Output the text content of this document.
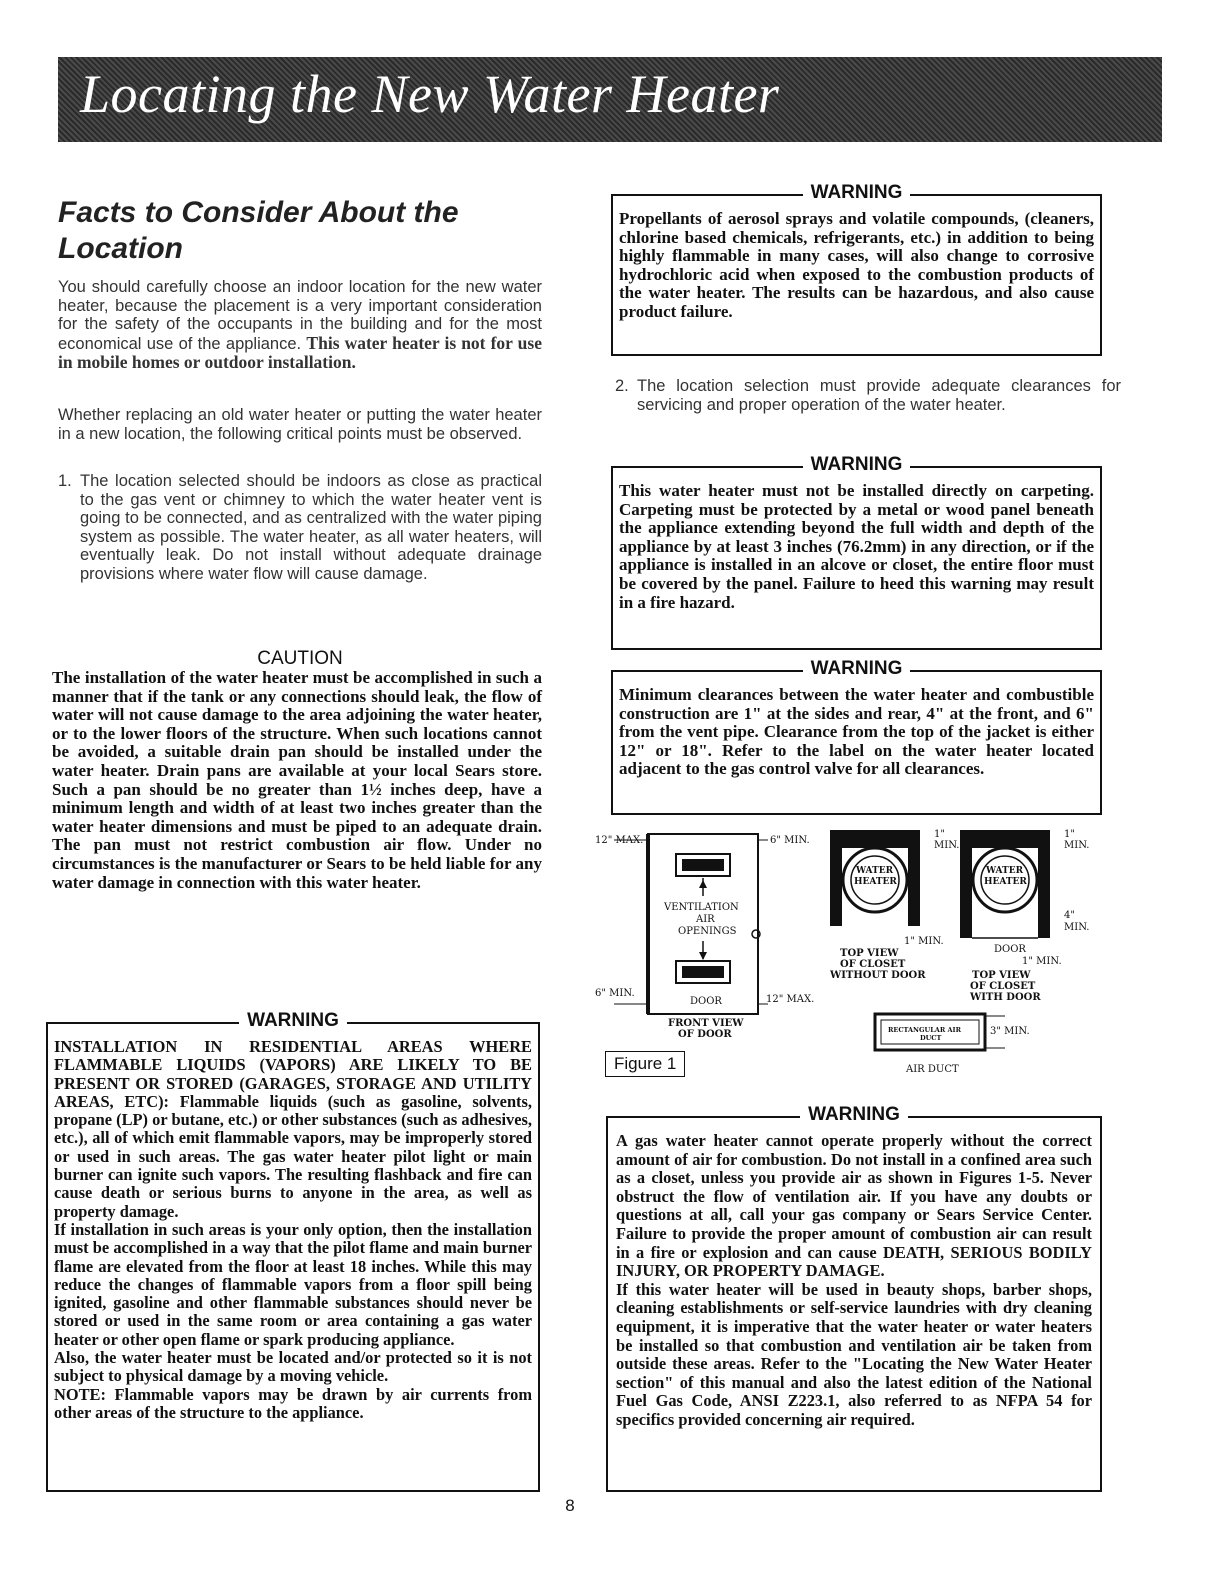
Locating the New Water Heater
Facts to Consider About the Location

You should carefully choose an indoor location for the new water heater, because the placement is a very important consideration for the safety of the occupants in the building and for the most economical use of the appliance. This water heater is not for use in mobile homes or outdoor installation.

Whether replacing an old water heater or putting the water heater in a new location, the following critical points must be observed.

1. The location selected should be indoors as close as practical to the gas vent or chimney to which the water heater vent is going to be connected, and as centralized with the water piping system as possible. The water heater, as all water heaters, will eventually leak. Do not install without adequate drainage provisions where water flow will cause damage.

CAUTION

The installation of the water heater must be accomplished in such a manner that if the tank or any connections should leak, the flow of water will not cause damage to the area adjoining the water heater, or to the lower floors of the structure. When such locations cannot be avoided, a suitable drain pan should be installed under the water heater. Drain pans are available at your local Sears store. Such a pan should be no greater than 1½ inches deep, have a minimum length and width of at least two inches greater than the water heater dimensions and must be piped to an adequate drain. The pan must not restrict combustion air flow. Under no circumstances is the manufacturer or Sears to be held liable for any water damage in connection with this water heater.

WARNING

INSTALLATION IN RESIDENTIAL AREAS WHERE FLAMMABLE LIQUIDS (VAPORS) ARE LIKELY TO BE PRESENT OR STORED (GARAGES, STORAGE AND UTILITY AREAS, ETC): Flammable liquids (such as gasoline, solvents, propane (LP) or butane, etc.) or other substances (such as adhesives, etc.), all of which emit flammable vapors, may be improperly stored or used in such areas. The gas water heater pilot light or main burner can ignite such vapors. The resulting flashback and fire can cause death or serious burns to anyone in the area, as well as property damage.

If installation in such areas is your only option, then the installation must be accomplished in a way that the pilot flame and main burner flame are elevated from the floor at least 18 inches. While this may reduce the changes of flammable vapors from a floor spill being ignited, gasoline and other flammable substances should never be stored or used in the same room or area containing a gas water heater or other open flame or spark producing appliance.

Also, the water heater must be located and/or protected so it is not subject to physical damage by a moving vehicle.

NOTE: Flammable vapors may be drawn by air currents from other areas of the structure to the appliance.

WARNING

Propellants of aerosol sprays and volatile compounds, (cleaners, chlorine based chemicals, refrigerants, etc.) in addition to being highly flammable in many cases, will also change to corrosive hydrochloric acid when exposed to the combustion products of the water heater. The results can be hazardous, and also cause product failure.

2. The location selection must provide adequate clearances for servicing and proper operation of the water heater.

WARNING

This water heater must not be installed directly on carpeting. Carpeting must be protected by a metal or wood panel beneath the appliance extending beyond the full width and depth of the appliance by at least 3 inches (76.2mm) in any direction, or if the appliance is installed in an alcove or closet, the entire floor must be covered by the panel. Failure to heed this warning may result in a fire hazard.

WARNING

Minimum clearances between the water heater and combustible construction are 1" at the sides and rear, 4" at the front, and 6" from the vent pipe. Clearance from the top of the jacket is either 12" or 18". Refer to the label on the water heater located adjacent to the gas control valve for all clearances.

12" MAX.	6" MIN.
VENTILATION
AIR
OPENINGS
DOOR
6" MIN.
12" MAX.
FRONT VIEW
OF DOOR
WATER
HEATER
1"
MIN.
1" MIN.
TOP VIEW
OF CLOSET
WITHOUT DOOR
WATER
HEATER
1"
MIN.
4"
MIN.
DOOR
1" MIN.
TOP VIEW
OF CLOSET
WITH DOOR
RECTANGULAR AIR
DUCT
3" MIN.
AIR DUCT
Figure 1
WARNING

A gas water heater cannot operate properly without the correct amount of air for combustion. Do not install in a confined area such as a closet, unless you provide air as shown in Figures 1-5. Never obstruct the flow of ventilation air. If you have any doubts or questions at all, call your gas company or Sears Service Center. Failure to provide the proper amount of combustion air can result in a fire or explosion and can cause DEATH, SERIOUS BODILY INJURY, OR PROPERTY DAMAGE.

If this water heater will be used in beauty shops, barber shops, cleaning establishments or self-service laundries with dry cleaning equipment, it is imperative that the water heater or water heaters be installed so that combustion and ventilation air be taken from outside these areas. Refer to the "Locating the New Water Heater section" of this manual and also the latest edition of the National Fuel Gas Code, ANSI Z223.1, also referred to as NFPA 54 for specifics provided concerning air required.

8
